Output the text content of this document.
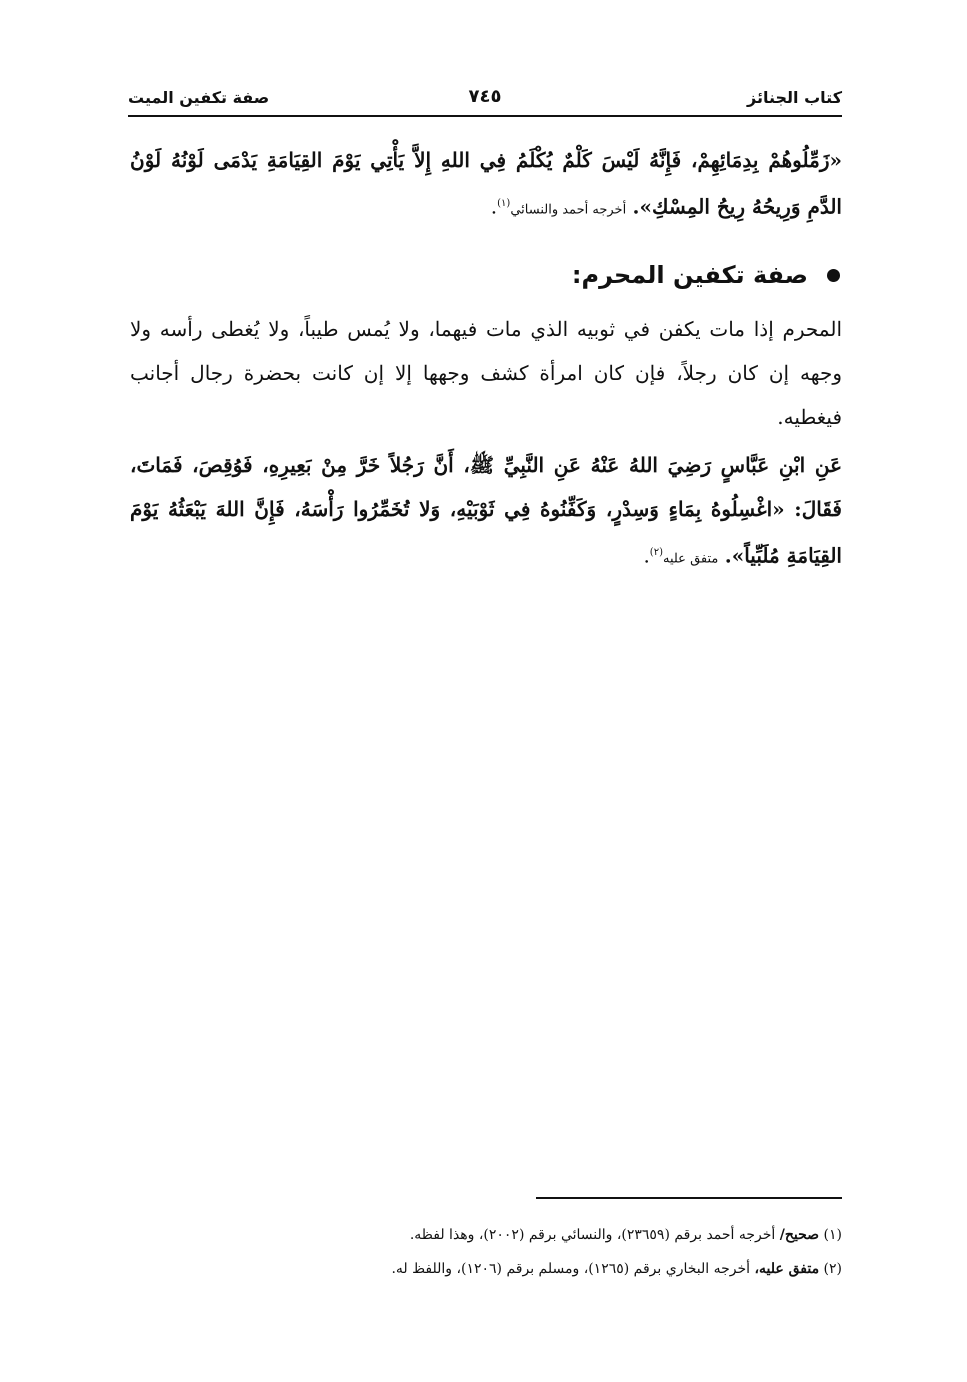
كتاب الجنائز
٧٤٥
صفة تكفين الميت

«زَمِّلُوهُمْ بِدِمَائِهِمْ، فَإِنَّهُ لَيْسَ كَلْمٌ يُكْلَمُ فِي اللهِ إِلاَّ يَأْتِي يَوْمَ القِيَامَةِ يَدْمَى لَوْنُهُ لَوْنُ الدَّمِ وَرِيحُهُ رِيحُ المِسْكِ». أخرجه أحمد والنسائي$^{(١)}$.

صفة تكفين المحرم:

المحرم إذا مات يكفن في ثوبيه الذي مات فيهما، ولا يُمس طيباً، ولا يُغطى رأسه ولا وجهه إن كان رجلاً، فإن كان امرأة كشف وجهها إلا إن كانت بحضرة رجال أجانب فيغطيه.

عَنِ ابْنِ عَبَّاسٍ رَضِيَ اللهُ عَنْهُ عَنِ النَّبِيِّ ﷺ، أَنَّ رَجُلاً خَرَّ مِنْ بَعِيرِهِ، فَوُقِصَ، فَمَاتَ، فَقَالَ: «اغْسِلُوهُ بِمَاءٍ وَسِدْرٍ، وَكَفِّنُوهُ فِي ثَوْبَيْهِ، وَلا تُخَمِّرُوا رَأْسَهُ، فَإِنَّ اللهَ يَبْعَثُهُ يَوْمَ القِيَامَةِ مُلَبِّياً». متفق عليه$^{(٢)}$.

(١) صحيح/ أخرجه أحمد برقم (٢٣٦٥٩)، والنسائي برقم (٢٠٠٢)، وهذا لفظه.

(٢) متفق عليه، أخرجه البخاري برقم (١٢٦٥)، ومسلم برقم (١٢٠٦)، واللفظ له.
